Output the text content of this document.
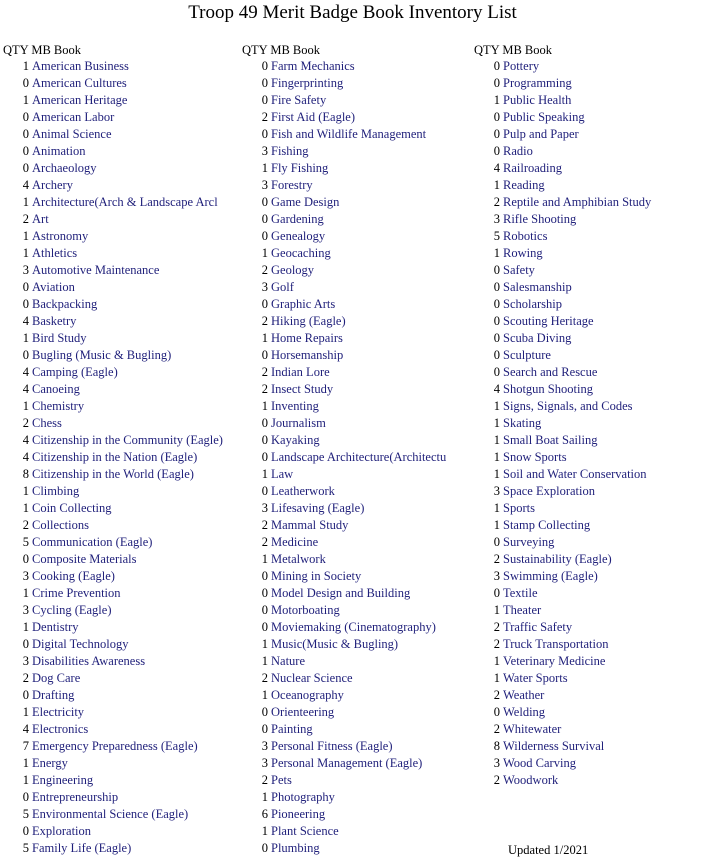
Troop 49 Merit Badge Book Inventory List
QTY MB Book
1 American Business
0 American Cultures
1 American Heritage
0 American Labor
0 Animal Science
0 Animation
0 Archaeology
4 Archery
1 Architecture(Arch & Landscape Arcl
2 Art
1 Astronomy
1 Athletics
3 Automotive Maintenance
0 Aviation
0 Backpacking
4 Basketry
1 Bird Study
0 Bugling (Music & Bugling)
4 Camping (Eagle)
4 Canoeing
1 Chemistry
2 Chess
4 Citizenship in the Community (Eagle)
4 Citizenship in the Nation (Eagle)
8 Citizenship in the World (Eagle)
1 Climbing
1 Coin Collecting
2 Collections
5 Communication (Eagle)
0 Composite Materials
3 Cooking (Eagle)
1 Crime Prevention
3 Cycling (Eagle)
1 Dentistry
0 Digital Technology
3 Disabilities Awareness
2 Dog Care
0 Drafting
1 Electricity
4 Electronics
7 Emergency Preparedness (Eagle)
1 Energy
1 Engineering
0 Entrepreneurship
5 Environmental Science (Eagle)
0 Exploration
5 Family Life (Eagle)
QTY MB Book
0 Farm Mechanics
0 Fingerprinting
0 Fire Safety
2 First Aid (Eagle)
0 Fish and Wildlife Management
3 Fishing
1 Fly Fishing
3 Forestry
0 Game Design
0 Gardening
0 Genealogy
1 Geocaching
2 Geology
3 Golf
0 Graphic Arts
2 Hiking (Eagle)
1 Home Repairs
0 Horsemanship
2 Indian Lore
2 Insect Study
1 Inventing
0 Journalism
0 Kayaking
0 Landscape Architecture(Architectu
1 Law
0 Leatherwork
3 Lifesaving (Eagle)
2 Mammal Study
2 Medicine
1 Metalwork
0 Mining in Society
0 Model Design and Building
0 Motorboating
0 Moviemaking (Cinematography)
1 Music(Music & Bugling)
1 Nature
2 Nuclear Science
1 Oceanography
0 Orienteering
0 Painting
3 Personal Fitness (Eagle)
3 Personal Management (Eagle)
2 Pets
1 Photography
6 Pioneering
1 Plant Science
0 Plumbing
QTY MB Book
0 Pottery
0 Programming
1 Public Health
0 Public Speaking
0 Pulp and Paper
0 Radio
4 Railroading
1 Reading
2 Reptile and Amphibian Study
3 Rifle Shooting
5 Robotics
1 Rowing
0 Safety
0 Salesmanship
0 Scholarship
0 Scouting Heritage
0 Scuba Diving
0 Sculpture
0 Search and Rescue
4 Shotgun Shooting
1 Signs, Signals, and Codes
1 Skating
1 Small Boat Sailing
1 Snow Sports
1 Soil and Water Conservation
3 Space Exploration
1 Sports
1 Stamp Collecting
0 Surveying
2 Sustainability (Eagle)
3 Swimming (Eagle)
0 Textile
1 Theater
2 Traffic Safety
2 Truck Transportation
1 Veterinary Medicine
1 Water Sports
2 Weather
0 Welding
2 Whitewater
8 Wilderness Survival
3 Wood Carving
2 Woodwork
Updated 1/2021
